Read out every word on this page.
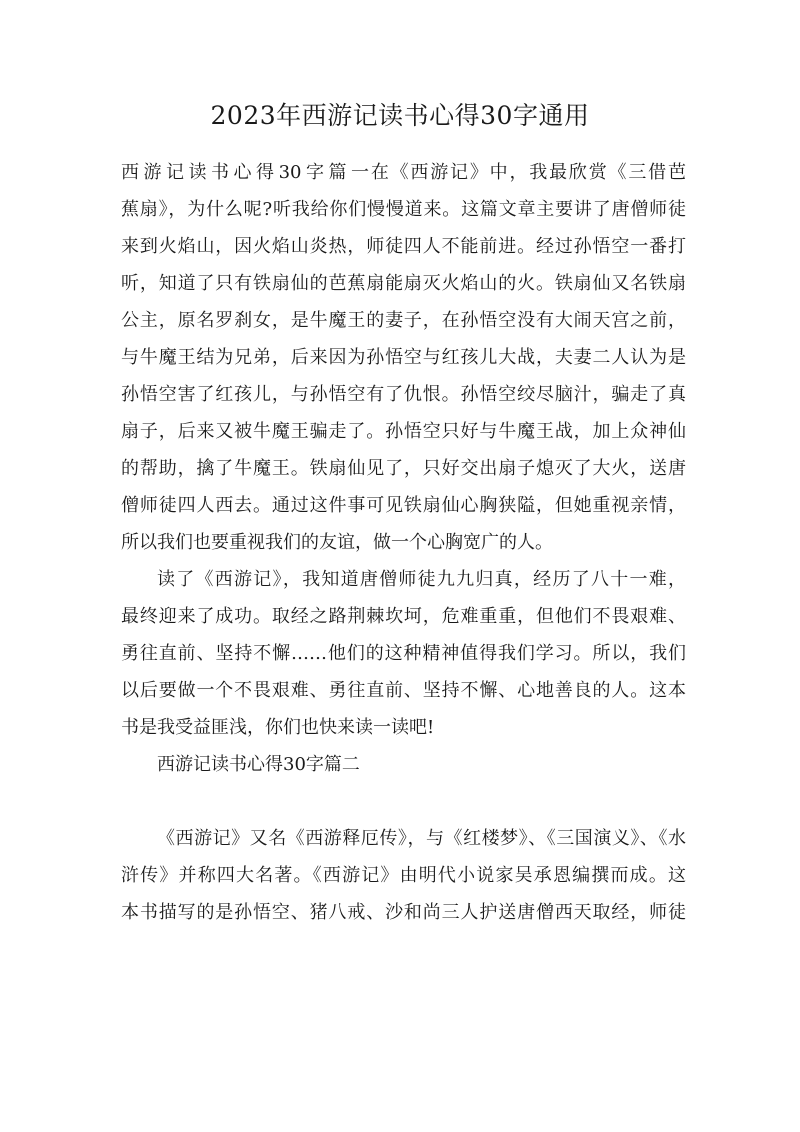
2023年西游记读书心得30字通用
西游记读书心得30字篇一在《西游记》中，我最欣赏《三借芭
蕉扇》，为什么呢?听我给你们慢慢道来。这篇文章主要讲了唐僧师徒
来到火焰山，因火焰山炎热，师徒四人不能前进。经过孙悟空一番打
听，知道了只有铁扇仙的芭蕉扇能扇灭火焰山的火。铁扇仙又名铁扇
公主，原名罗刹女，是牛魔王的妻子，在孙悟空没有大闹天宫之前，
与牛魔王结为兄弟，后来因为孙悟空与红孩儿大战，夫妻二人认为是
孙悟空害了红孩儿，与孙悟空有了仇恨。孙悟空绞尽脑汁，骗走了真
扇子，后来又被牛魔王骗走了。孙悟空只好与牛魔王战，加上众神仙
的帮助，擒了牛魔王。铁扇仙见了，只好交出扇子熄灭了大火，送唐
僧师徒四人西去。通过这件事可见铁扇仙心胸狭隘，但她重视亲情，
所以我们也要重视我们的友谊，做一个心胸宽广的人。
读了《西游记》，我知道唐僧师徒九九归真，经历了八十一难，
最终迎来了成功。取经之路荆棘坎坷，危难重重，但他们不畏艰难、
勇往直前、坚持不懈……他们的这种精神值得我们学习。所以，我们
以后要做一个不畏艰难、勇往直前、坚持不懈、心地善良的人。这本
书是我受益匪浅，你们也快来读一读吧!
西游记读书心得30字篇二
《西游记》又名《西游释厄传》，与《红楼梦》、《三国演义》、《水
浒传》并称四大名著。《西游记》由明代小说家吴承恩编撰而成。这
本书描写的是孙悟空、猪八戒、沙和尚三人护送唐僧西天取经，师徒
